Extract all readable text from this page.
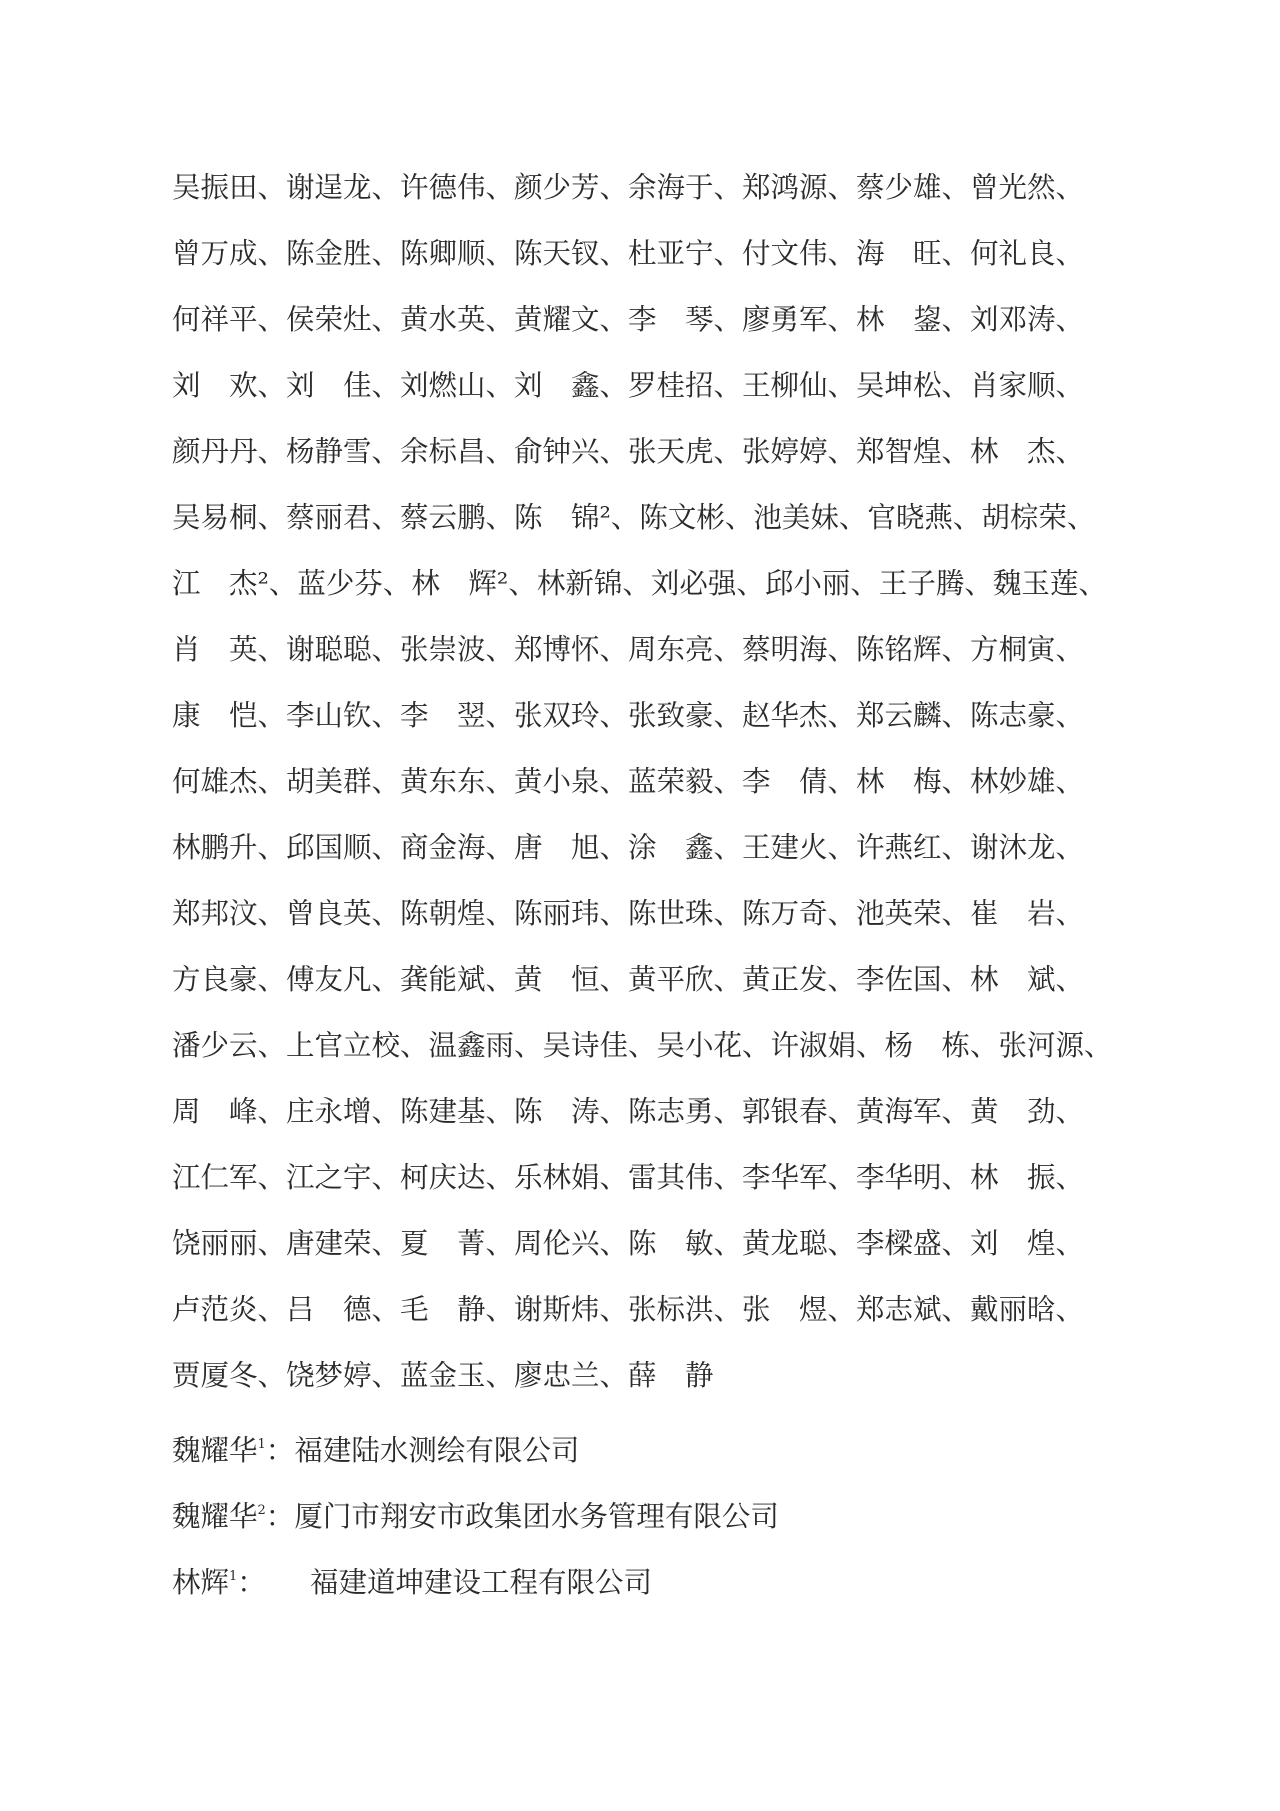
吴振田、谢逞龙、许德伟、颜少芳、余海于、郑鸿源、蔡少雄、曾光然、
曾万成、陈金胜、陈卿顺、陈天钗、杜亚宁、付文伟、海　旺、何礼良、
何祥平、侯荣灶、黄水英、黄耀文、李　琴、廖勇军、林　鋆、刘邓涛、
刘　欢、刘　佳、刘燃山、刘　鑫、罗桂招、王柳仙、吴坤松、肖家顺、
颜丹丹、杨静雪、余标昌、俞钟兴、张天虎、张婷婷、郑智煌、林　杰、
吴易桐、蔡丽君、蔡云鹏、陈　锦²、陈文彬、池美妹、官晓燕、胡棕荣、
江　杰²、蓝少芬、林　辉²、林新锦、刘必强、邱小丽、王子腾、魏玉莲、
肖　英、谢聪聪、张崇波、郑博怀、周东亮、蔡明海、陈铭辉、方桐寅、
康　恺、李山钦、李　翌、张双玲、张致豪、赵华杰、郑云麟、陈志豪、
何雄杰、胡美群、黄东东、黄小泉、蓝荣毅、李　倩、林　梅、林妙雄、
林鹏升、邱国顺、商金海、唐　旭、涂　鑫、王建火、许燕红、谢沐龙、
郑邦汶、曾良英、陈朝煌、陈丽玮、陈世珠、陈万奇、池英荣、崔　岩、
方良豪、傅友凡、龚能斌、黄　恒、黄平欣、黄正发、李佐国、林　斌、
潘少云、上官立校、温鑫雨、吴诗佳、吴小花、许淑娟、杨　栋、张河源、
周　峰、庄永增、陈建基、陈　涛、陈志勇、郭银春、黄海军、黄　劲、
江仁军、江之宇、柯庆达、乐林娟、雷其伟、李华军、李华明、林　振、
饶丽丽、唐建荣、夏　菁、周伦兴、陈　敏、黄龙聪、李樑盛、刘　煌、
卢范炎、吕　德、毛　静、谢斯炜、张标洪、张　煜、郑志斌、戴丽晗、
贾厦冬、饶梦婷、蓝金玉、廖忠兰、薛　静
魏耀华$^1$：福建陆水测绘有限公司
魏耀华$^2$：厦门市翔安市政集团水务管理有限公司
林辉$^1$： 福建道坤建设工程有限公司
